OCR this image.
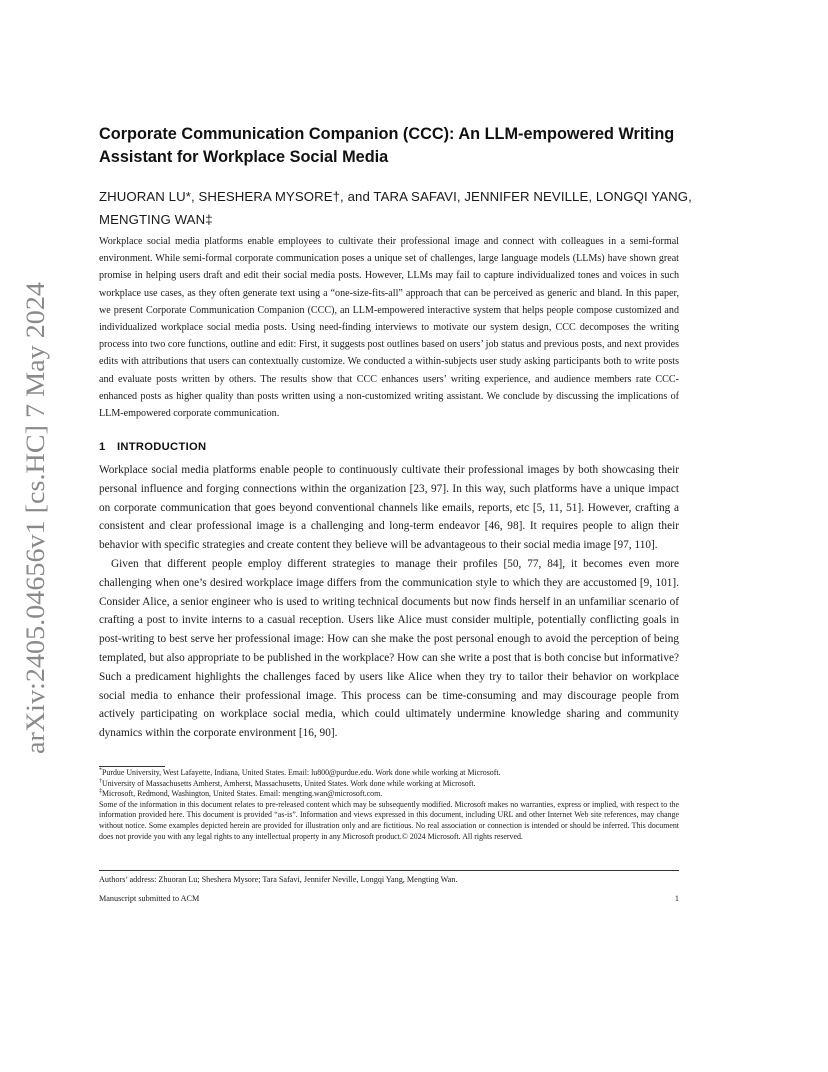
arXiv:2405.04656v1 [cs.HC] 7 May 2024
Corporate Communication Companion (CCC): An LLM-empowered Writing
Assistant for Workplace Social Media
ZHUORAN LU*, SHESHERA MYSORE†, and TARA SAFAVI, JENNIFER NEVILLE, LONGQI YANG,
MENGTING WAN‡

Workplace social media platforms enable employees to cultivate their professional image and connect with colleagues in a semi-formal environment. While semi-formal corporate communication poses a unique set of challenges, large language models (LLMs) have shown great promise in helping users draft and edit their social media posts. However, LLMs may fail to capture individualized tones and voices in such workplace use cases, as they often generate text using a “one-size-fits-all” approach that can be perceived as generic and bland. In this paper, we present Corporate Communication Companion (CCC), an LLM-empowered interactive system that helps people compose customized and individualized workplace social media posts. Using need-finding interviews to motivate our system design, CCC decomposes the writing process into two core functions, outline and edit: First, it suggests post outlines based on users’ job status and previous posts, and next provides edits with attributions that users can contextually customize. We conducted a within-subjects user study asking participants both to write posts and evaluate posts written by others. The results show that CCC enhances users’ writing experience, and audience members rate CCC-enhanced posts as higher quality than posts written using a non-customized writing assistant. We conclude by discussing the implications of LLM-empowered corporate communication.

1 INTRODUCTION

Workplace social media platforms enable people to continuously cultivate their professional images by both showcasing their personal influence and forging connections within the organization [23, 97]. In this way, such platforms have a unique impact on corporate communication that goes beyond conventional channels like emails, reports, etc [5, 11, 51]. However, crafting a consistent and clear professional image is a challenging and long-term endeavor [46, 98]. It requires people to align their behavior with specific strategies and create content they believe will be advantageous to their social media image [97, 110].

Given that different people employ different strategies to manage their profiles [50, 77, 84], it becomes even more challenging when one’s desired workplace image differs from the communication style to which they are accustomed [9, 101]. Consider Alice, a senior engineer who is used to writing technical documents but now finds herself in an unfamiliar scenario of crafting a post to invite interns to a casual reception. Users like Alice must consider multiple, potentially conflicting goals in post-writing to best serve her professional image: How can she make the post personal enough to avoid the perception of being templated, but also appropriate to be published in the workplace? How can she write a post that is both concise but informative? Such a predicament highlights the challenges faced by users like Alice when they try to tailor their behavior on workplace social media to enhance their professional image. This process can be time-consuming and may discourage people from actively participating on workplace social media, which could ultimately undermine knowledge sharing and community dynamics within the corporate environment [16, 90].

*Purdue University, West Lafayette, Indiana, United States. Email: lu800@purdue.edu. Work done while working at Microsoft.

†University of Massachusetts Amherst, Amherst, Massachusetts, United States. Work done while working at Microsoft.

‡Microsoft, Redmond, Washington, United States. Email: mengting.wan@microsoft.com.

Some of the information in this document relates to pre-released content which may be subsequently modified. Microsoft makes no warranties, express or implied, with respect to the information provided here. This document is provided “as-is”. Information and views expressed in this document, including URL and other Internet Web site references, may change without notice. Some examples depicted herein are provided for illustration only and are fictitious. No real association or connection is intended or should be inferred. This document does not provide you with any legal rights to any intellectual property in any Microsoft product.© 2024 Microsoft. All rights reserved.

Authors’ address: Zhuoran Lu; Sheshera Mysore; Tara Safavi, Jennifer Neville, Longqi Yang, Mengting Wan.

Manuscript submitted to ACM	1
